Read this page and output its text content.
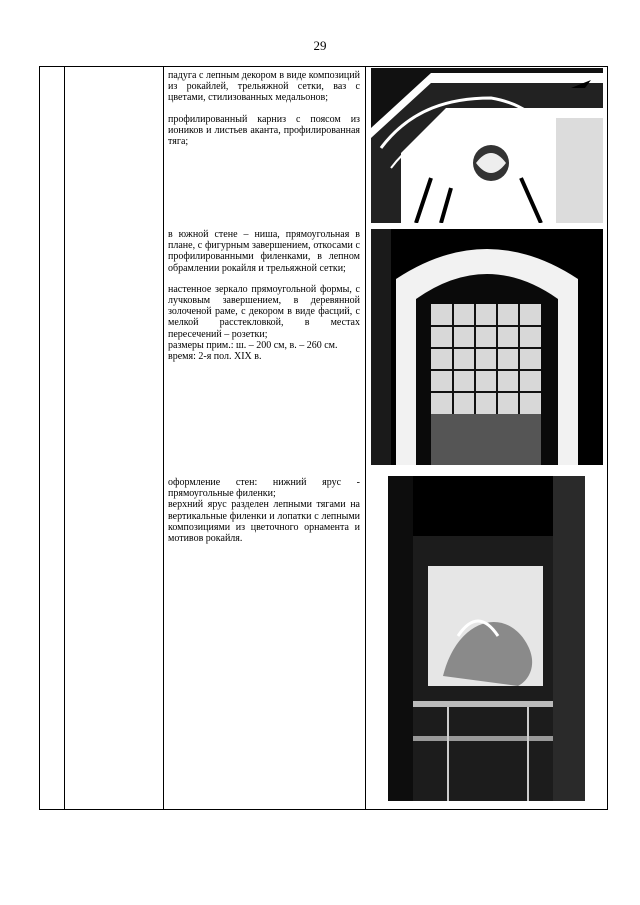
29

падуга с лепным декором в виде композиций из рокайлей, трельяжной сетки, ваз с цветами, стилизованных медальонов;

профилированный карниз с поясом из иоников и листьев аканта, профилированная тяга;

в южной стене – ниша, прямоугольная в плане, с фигурным завершением, откосами с профилированными филенками, в лепном обрамлении рокайля и трельяжной сетки;

настенное зеркало прямоугольной формы, с лучковым завершением, в деревянной золоченой раме, с декором в виде фасций, с мелкой расстекловкой, в местах пересечений – розетки;
размеры прим.: ш. – 200 см, в. – 260 см.
время: 2-я пол. XIX в.

оформление стен: нижний ярус - прямоугольные филенки;
верхний ярус разделен лепными тягами на вертикальные филенки и лопатки с лепными композициями из цветочного орнамента и мотивов рокайля.
